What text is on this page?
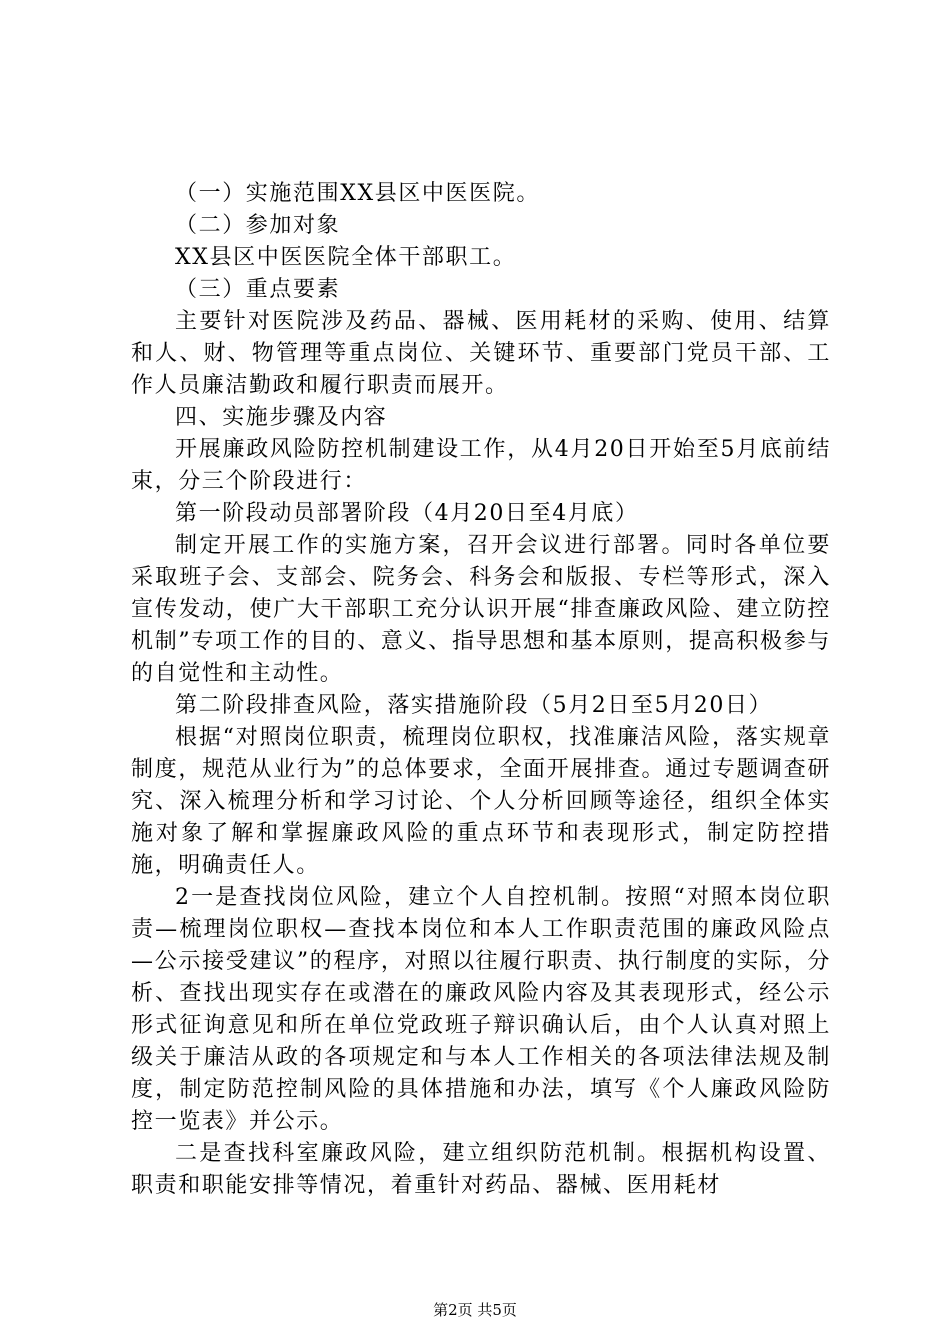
（一）实施范围XX县区中医医院。

（二）参加对象

XX县区中医医院全体干部职工。

（三）重点要素

主要针对医院涉及药品、器械、医用耗材的采购、使用、结算和人、财、物管理等重点岗位、关键环节、重要部门党员干部、工作人员廉洁勤政和履行职责而展开。

四、实施步骤及内容

开展廉政风险防控机制建设工作，从4月20日开始至5月底前结束，分三个阶段进行：

第一阶段动员部署阶段（4月20日至4月底）

制定开展工作的实施方案，召开会议进行部署。同时各单位要采取班子会、支部会、院务会、科务会和版报、专栏等形式，深入宣传发动，使广大干部职工充分认识开展“排查廉政风险、建立防控机制”专项工作的目的、意义、指导思想和基本原则，提高积极参与的自觉性和主动性。

第二阶段排查风险，落实措施阶段（5月2日至5月20日）

根据“对照岗位职责，梳理岗位职权，找准廉洁风险，落实规章制度，规范从业行为”的总体要求，全面开展排查。通过专题调查研究、深入梳理分析和学习讨论、个人分析回顾等途径，组织全体实施对象了解和掌握廉政风险的重点环节和表现形式，制定防控措施，明确责任人。

2一是查找岗位风险，建立个人自控机制。按照“对照本岗位职责—梳理岗位职权—查找本岗位和本人工作职责范围的廉政风险点—公示接受建议”的程序，对照以往履行职责、执行制度的实际，分析、查找出现实存在或潜在的廉政风险内容及其表现形式，经公示形式征询意见和所在单位党政班子辩识确认后，由个人认真对照上级关于廉洁从政的各项规定和与本人工作相关的各项法律法规及制度，制定防范控制风险的具体措施和办法，填写《个人廉政风险防控一览表》并公示。

二是查找科室廉政风险，建立组织防范机制。根据机构设置、职责和职能安排等情况，着重针对药品、器械、医用耗材

第2页 共5页
